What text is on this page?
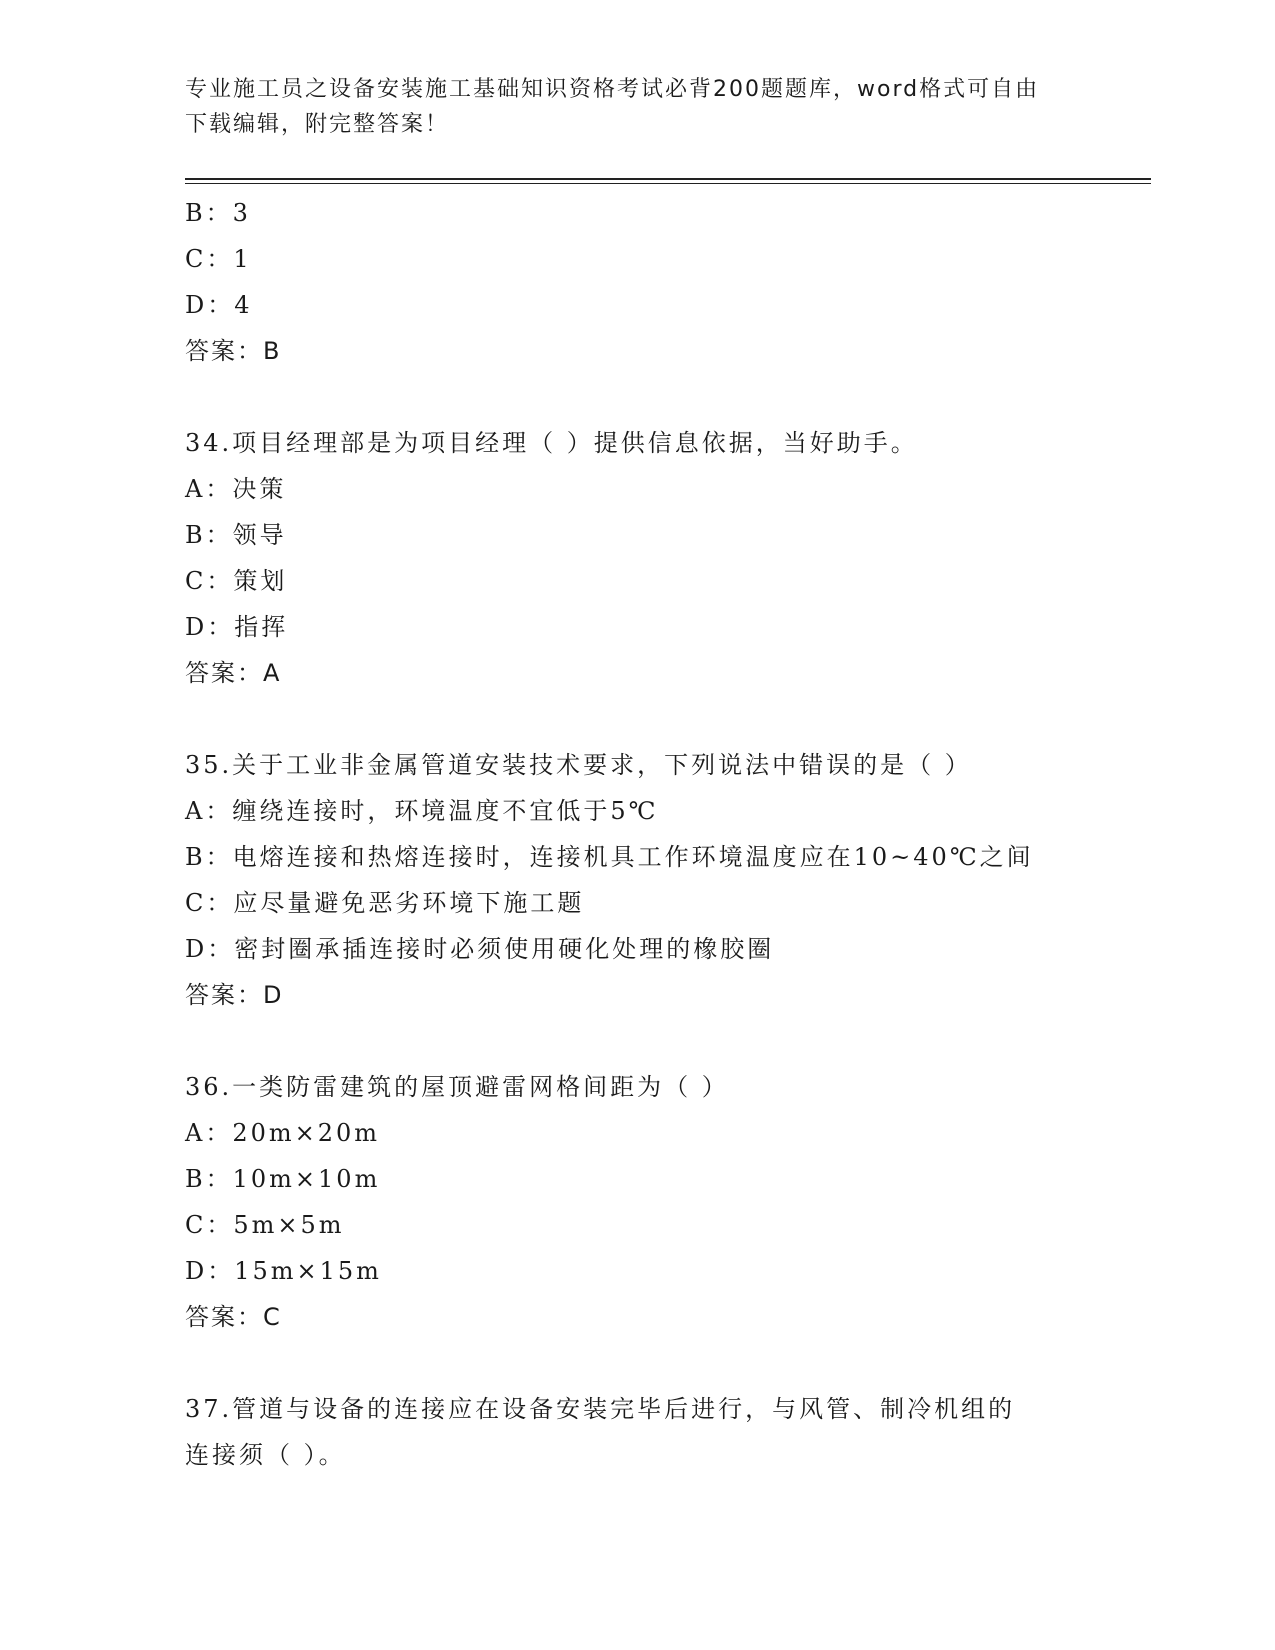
专业施工员之设备安装施工基础知识资格考试必背200题题库，word格式可自由
下载编辑，附完整答案！
B：3
C：1
D：4
答案：B
34.项目经理部是为项目经理（ ）提供信息依据，当好助手。
A：决策
B：领导
C：策划
D：指挥
答案：A
35.关于工业非金属管道安装技术要求，下列说法中错误的是（ ）
A：缠绕连接时，环境温度不宜低于5℃
B：电熔连接和热熔连接时，连接机具工作环境温度应在10~40℃之间
C：应尽量避免恶劣环境下施工题
D：密封圈承插连接时必须使用硬化处理的橡胶圈
答案：D
36.一类防雷建筑的屋顶避雷网格间距为（ ）
A：20m×20m
B：10m×10m
C：5m×5m
D：15m×15m
答案：C
37.管道与设备的连接应在设备安装完毕后进行，与风管、制冷机组的
连接须（ ）。
